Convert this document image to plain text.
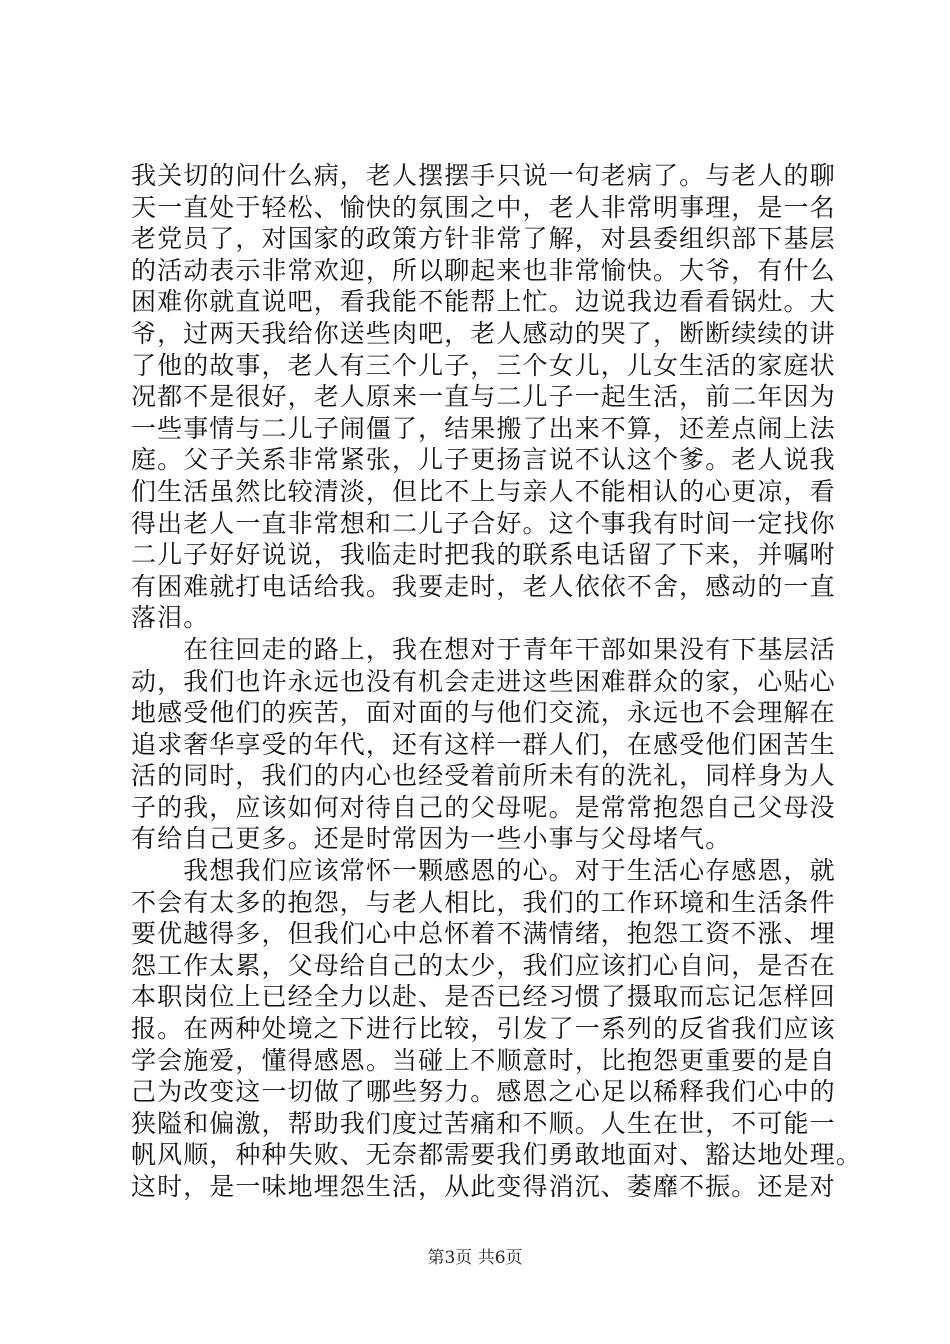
我关切的问什么病，老人摆摆手只说一句老病了。与老人的聊
天一直处于轻松、愉快的氛围之中，老人非常明事理，是一名
老党员了，对国家的政策方针非常了解，对县委组织部下基层
的活动表示非常欢迎，所以聊起来也非常愉快。大爷，有什么
困难你就直说吧，看我能不能帮上忙。边说我边看看锅灶。大
爷，过两天我给你送些肉吧，老人感动的哭了，断断续续的讲
了他的故事，老人有三个儿子，三个女儿，儿女生活的家庭状
况都不是很好，老人原来一直与二儿子一起生活，前二年因为
一些事情与二儿子闹僵了，结果搬了出来不算，还差点闹上法
庭。父子关系非常紧张，儿子更扬言说不认这个爹。老人说我
们生活虽然比较清淡，但比不上与亲人不能相认的心更凉，看
得出老人一直非常想和二儿子合好。这个事我有时间一定找你
二儿子好好说说，我临走时把我的联系电话留了下来，并嘱咐
有困难就打电话给我。我要走时，老人依依不舍，感动的一直
落泪。
　　在往回走的路上，我在想对于青年干部如果没有下基层活
动，我们也许永远也没有机会走进这些困难群众的家，心贴心
地感受他们的疾苦，面对面的与他们交流，永远也不会理解在
追求奢华享受的年代，还有这样一群人们，在感受他们困苦生
活的同时，我们的内心也经受着前所未有的洗礼，同样身为人
子的我，应该如何对待自己的父母呢。是常常抱怨自己父母没
有给自己更多。还是时常因为一些小事与父母堵气。
　　我想我们应该常怀一颗感恩的心。对于生活心存感恩，就
不会有太多的抱怨，与老人相比，我们的工作环境和生活条件
要优越得多，但我们心中总怀着不满情绪，抱怨工资不涨、埋
怨工作太累，父母给自己的太少，我们应该扪心自问，是否在
本职岗位上已经全力以赴、是否已经习惯了摄取而忘记怎样回
报。在两种处境之下进行比较，引发了一系列的反省我们应该
学会施爱，懂得感恩。当碰上不顺意时，比抱怨更重要的是自
己为改变这一切做了哪些努力。感恩之心足以稀释我们心中的
狭隘和偏激，帮助我们度过苦痛和不顺。人生在世，不可能一
帆风顺，种种失败、无奈都需要我们勇敢地面对、豁达地处理。
这时，是一味地埋怨生活，从此变得消沉、萎靡不振。还是对
第3页 共6页
